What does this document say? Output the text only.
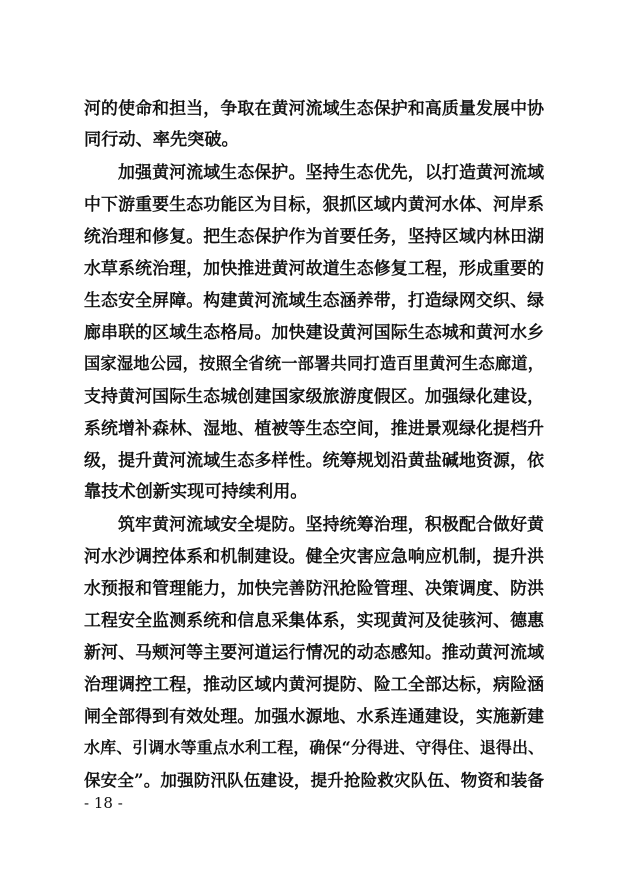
河的使命和担当，争取在黄河流域生态保护和高质量发展中协
同行动、率先突破。
加强黄河流域生态保护。坚持生态优先，以打造黄河流域
中下游重要生态功能区为目标，狠抓区域内黄河水体、河岸系
统治理和修复。把生态保护作为首要任务，坚持区域内林田湖
水草系统治理，加快推进黄河故道生态修复工程，形成重要的
生态安全屏障。构建黄河流域生态涵养带，打造绿网交织、绿
廊串联的区域生态格局。加快建设黄河国际生态城和黄河水乡
国家湿地公园，按照全省统一部署共同打造百里黄河生态廊道，
支持黄河国际生态城创建国家级旅游度假区。加强绿化建设，
系统增补森林、湿地、植被等生态空间，推进景观绿化提档升
级，提升黄河流域生态多样性。统筹规划沿黄盐碱地资源，依
靠技术创新实现可持续利用。
筑牢黄河流域安全堤防。坚持统筹治理，积极配合做好黄
河水沙调控体系和机制建设。健全灾害应急响应机制，提升洪
水预报和管理能力，加快完善防汛抢险管理、决策调度、防洪
工程安全监测系统和信息采集体系，实现黄河及徒骇河、德惠
新河、马颊河等主要河道运行情况的动态感知。推动黄河流域
治理调控工程，推动区域内黄河提防、险工全部达标，病险涵
闸全部得到有效处理。加强水源地、水系连通建设，实施新建
水库、引调水等重点水利工程，确保“分得进、守得住、退得出、
保安全”。加强防汛队伍建设，提升抢险救灾队伍、物资和装备
- 18 -
